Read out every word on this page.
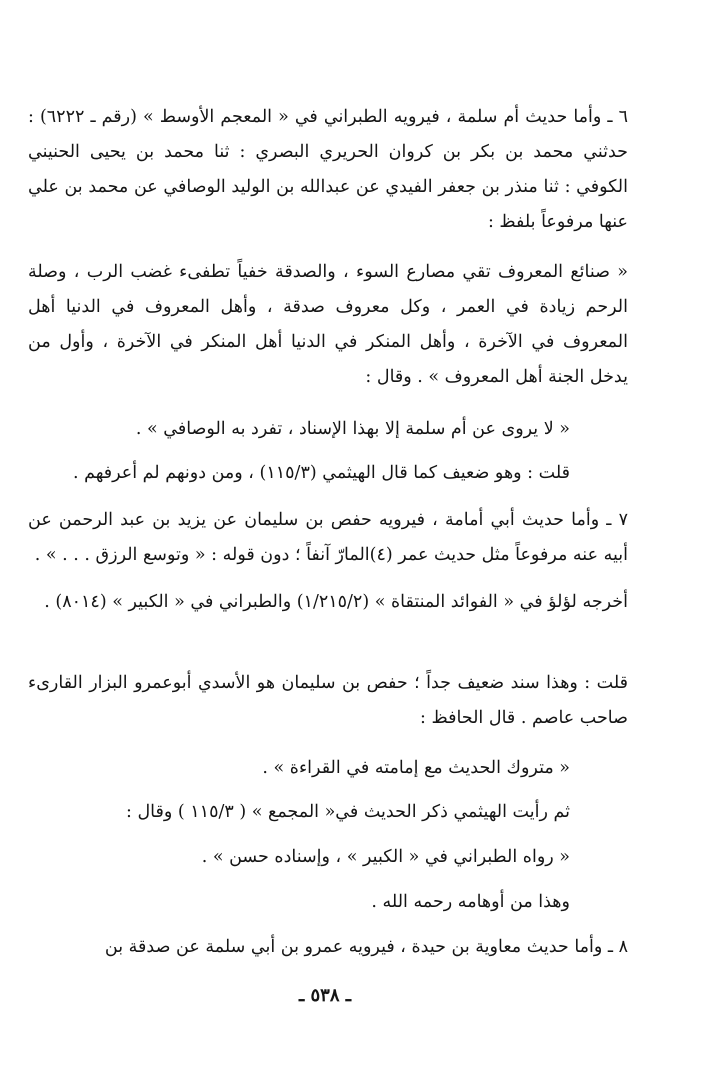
٦ ـ وأما حديث أم سلمة ، فيرويه الطبراني في « المعجم الأوسط » (رقم ـ ٦٢٢٢) : حدثني محمد بن بكر بن كروان الحريري البصري : ثنا محمد بن يحيى الحنيني الكوفي : ثنا منذر بن جعفر الفيدي عن عبدالله بن الوليد الوصافي عن محمد بن علي عنها مرفوعاً بلفظ :
« صنائع المعروف تقي مصارع السوء ، والصدقة خفياً تطفىء غضب الرب ، وصلة الرحم زيادة في العمر ، وكل معروف صدقة ، وأهل المعروف في الدنيا أهل المعروف في الآخرة ، وأهل المنكر في الدنيا أهل المنكر في الآخرة ، وأول من يدخل الجنة أهل المعروف » . وقال :
« لا يروى عن أم سلمة إلا بهذا الإسناد ، تفرد به الوصافي » .
قلت : وهو ضعيف كما قال الهيثمي (١١٥/٣) ، ومن دونهم لم أعرفهم .
٧ ـ وأما حديث أبي أمامة ، فيرويه حفص بن سليمان عن يزيد بن عبد الرحمن عن أبيه عنه مرفوعاً مثل حديث عمر (٤)المارّ آنفاً ؛ دون قوله : « وتوسع الرزق . . . » .
أخرجه لؤلؤ في « الفوائد المنتقاة » (١/٢١٥/٢) والطبراني في « الكبير » (٨٠١٤) .
قلت : وهذا سند ضعيف جداً ؛ حفص بن سليمان هو الأسدي أبوعمرو البزار القارىء صاحب عاصم . قال الحافظ :
« متروك الحديث مع إمامته في القراءة » .
ثم رأيت الهيثمي ذكر الحديث في« المجمع » ( ١١٥/٣ ) وقال :
« رواه الطبراني في « الكبير » ، وإسناده حسن » .
وهذا من أوهامه رحمه الله .
٨ ـ وأما حديث معاوية بن حيدة ، فيرويه عمرو بن أبي سلمة عن صدقة بن
ـ ٥٣٨ ـ
